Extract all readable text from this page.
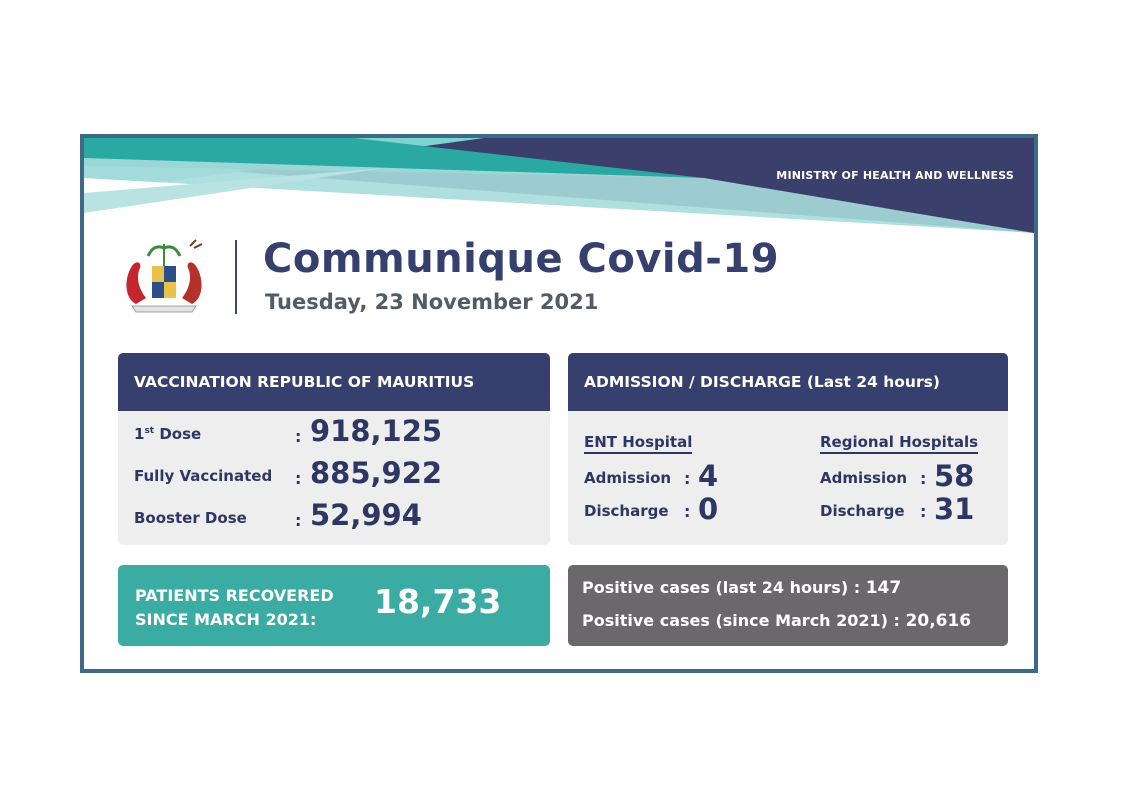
MINISTRY OF HEALTH AND WELLNESS
Communique Covid-19
Tuesday, 23 November 2021
VACCINATION REPUBLIC OF MAURITIUS
1st Dose	: 918,125
Fully Vaccinated : 885,922
Booster Dose	: 52,994
ADMISSION / DISCHARGE (Last 24 hours)
ENT Hospital
Admission : 4
Discharge : 0
Regional Hospitals
Admission : 58
Discharge : 31
PATIENTS RECOVERED
SINCE MARCH 2021:	18,733	Positive cases (last 24 hours) : 147
Positive cases (since March 2021) : 20,616
